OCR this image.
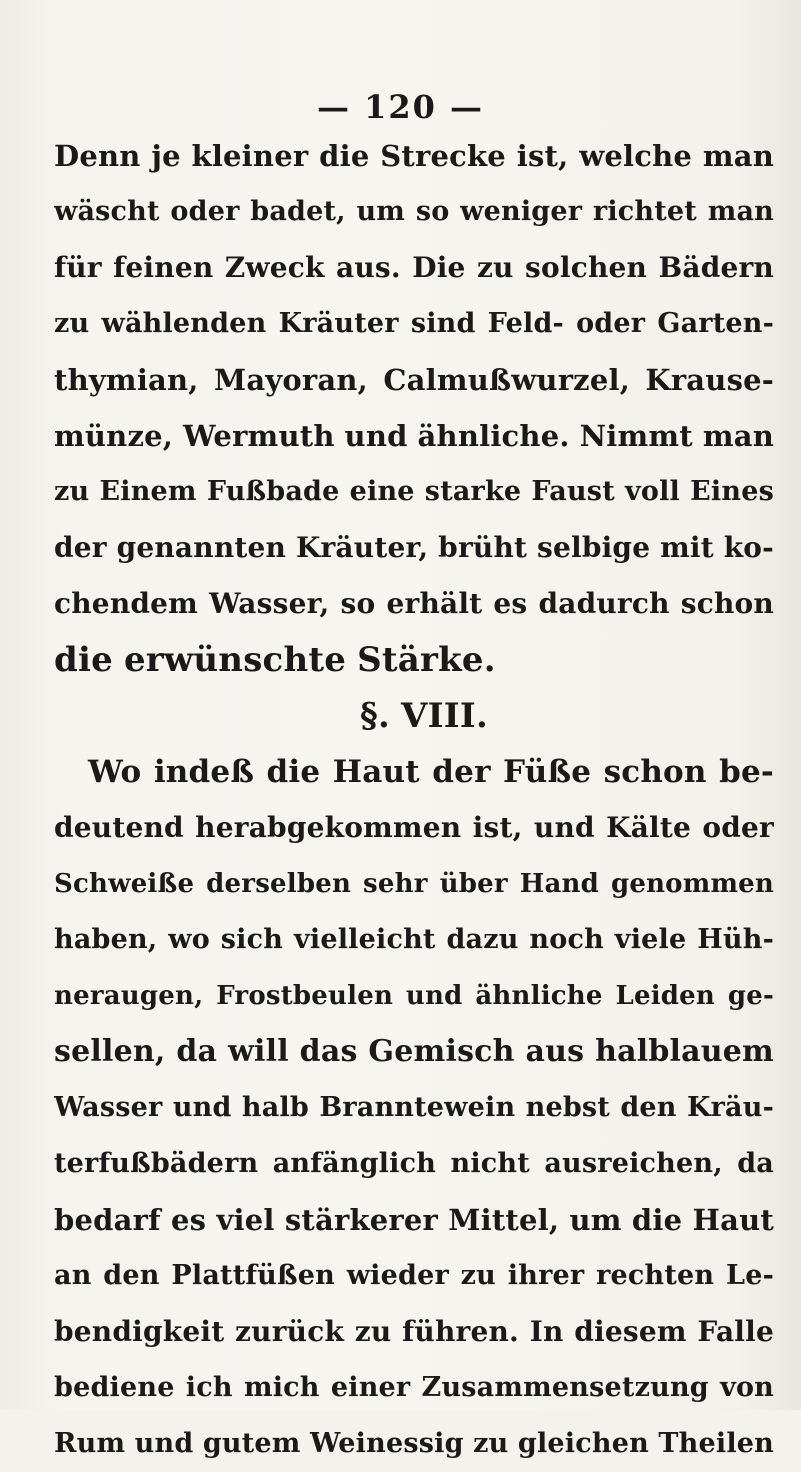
— 120 —
Denn je kleiner die Strecke ist, welche man
wäscht oder badet, um so weniger richtet man
für feinen Zweck aus. Die zu solchen Bädern
zu wählenden Kräuter sind Feld- oder Garten-
thymian, Mayoran, Calmußwurzel, Krause-
münze, Wermuth und ähnliche. Nimmt man
zu Einem Fußbade eine starke Faust voll Eines
der genannten Kräuter, brüht selbige mit ko-
chendem Wasser, so erhält es dadurch schon
die erwünschte Stärke.
§. VIII.
Wo indeß die Haut der Füße schon be-
deutend herabgekommen ist, und Kälte oder
Schweiße derselben sehr über Hand genommen
haben, wo sich vielleicht dazu noch viele Hüh-
neraugen, Frostbeulen und ähnliche Leiden ge-
sellen, da will das Gemisch aus halblauem
Wasser und halb Branntewein nebst den Kräu-
terfußbädern anfänglich nicht ausreichen, da
bedarf es viel stärkerer Mittel, um die Haut
an den Plattfüßen wieder zu ihrer rechten Le-
bendigkeit zurück zu führen. In diesem Falle
bediene ich mich einer Zusammensetzung von
Rum und gutem Weinessig zu gleichen Theilen
